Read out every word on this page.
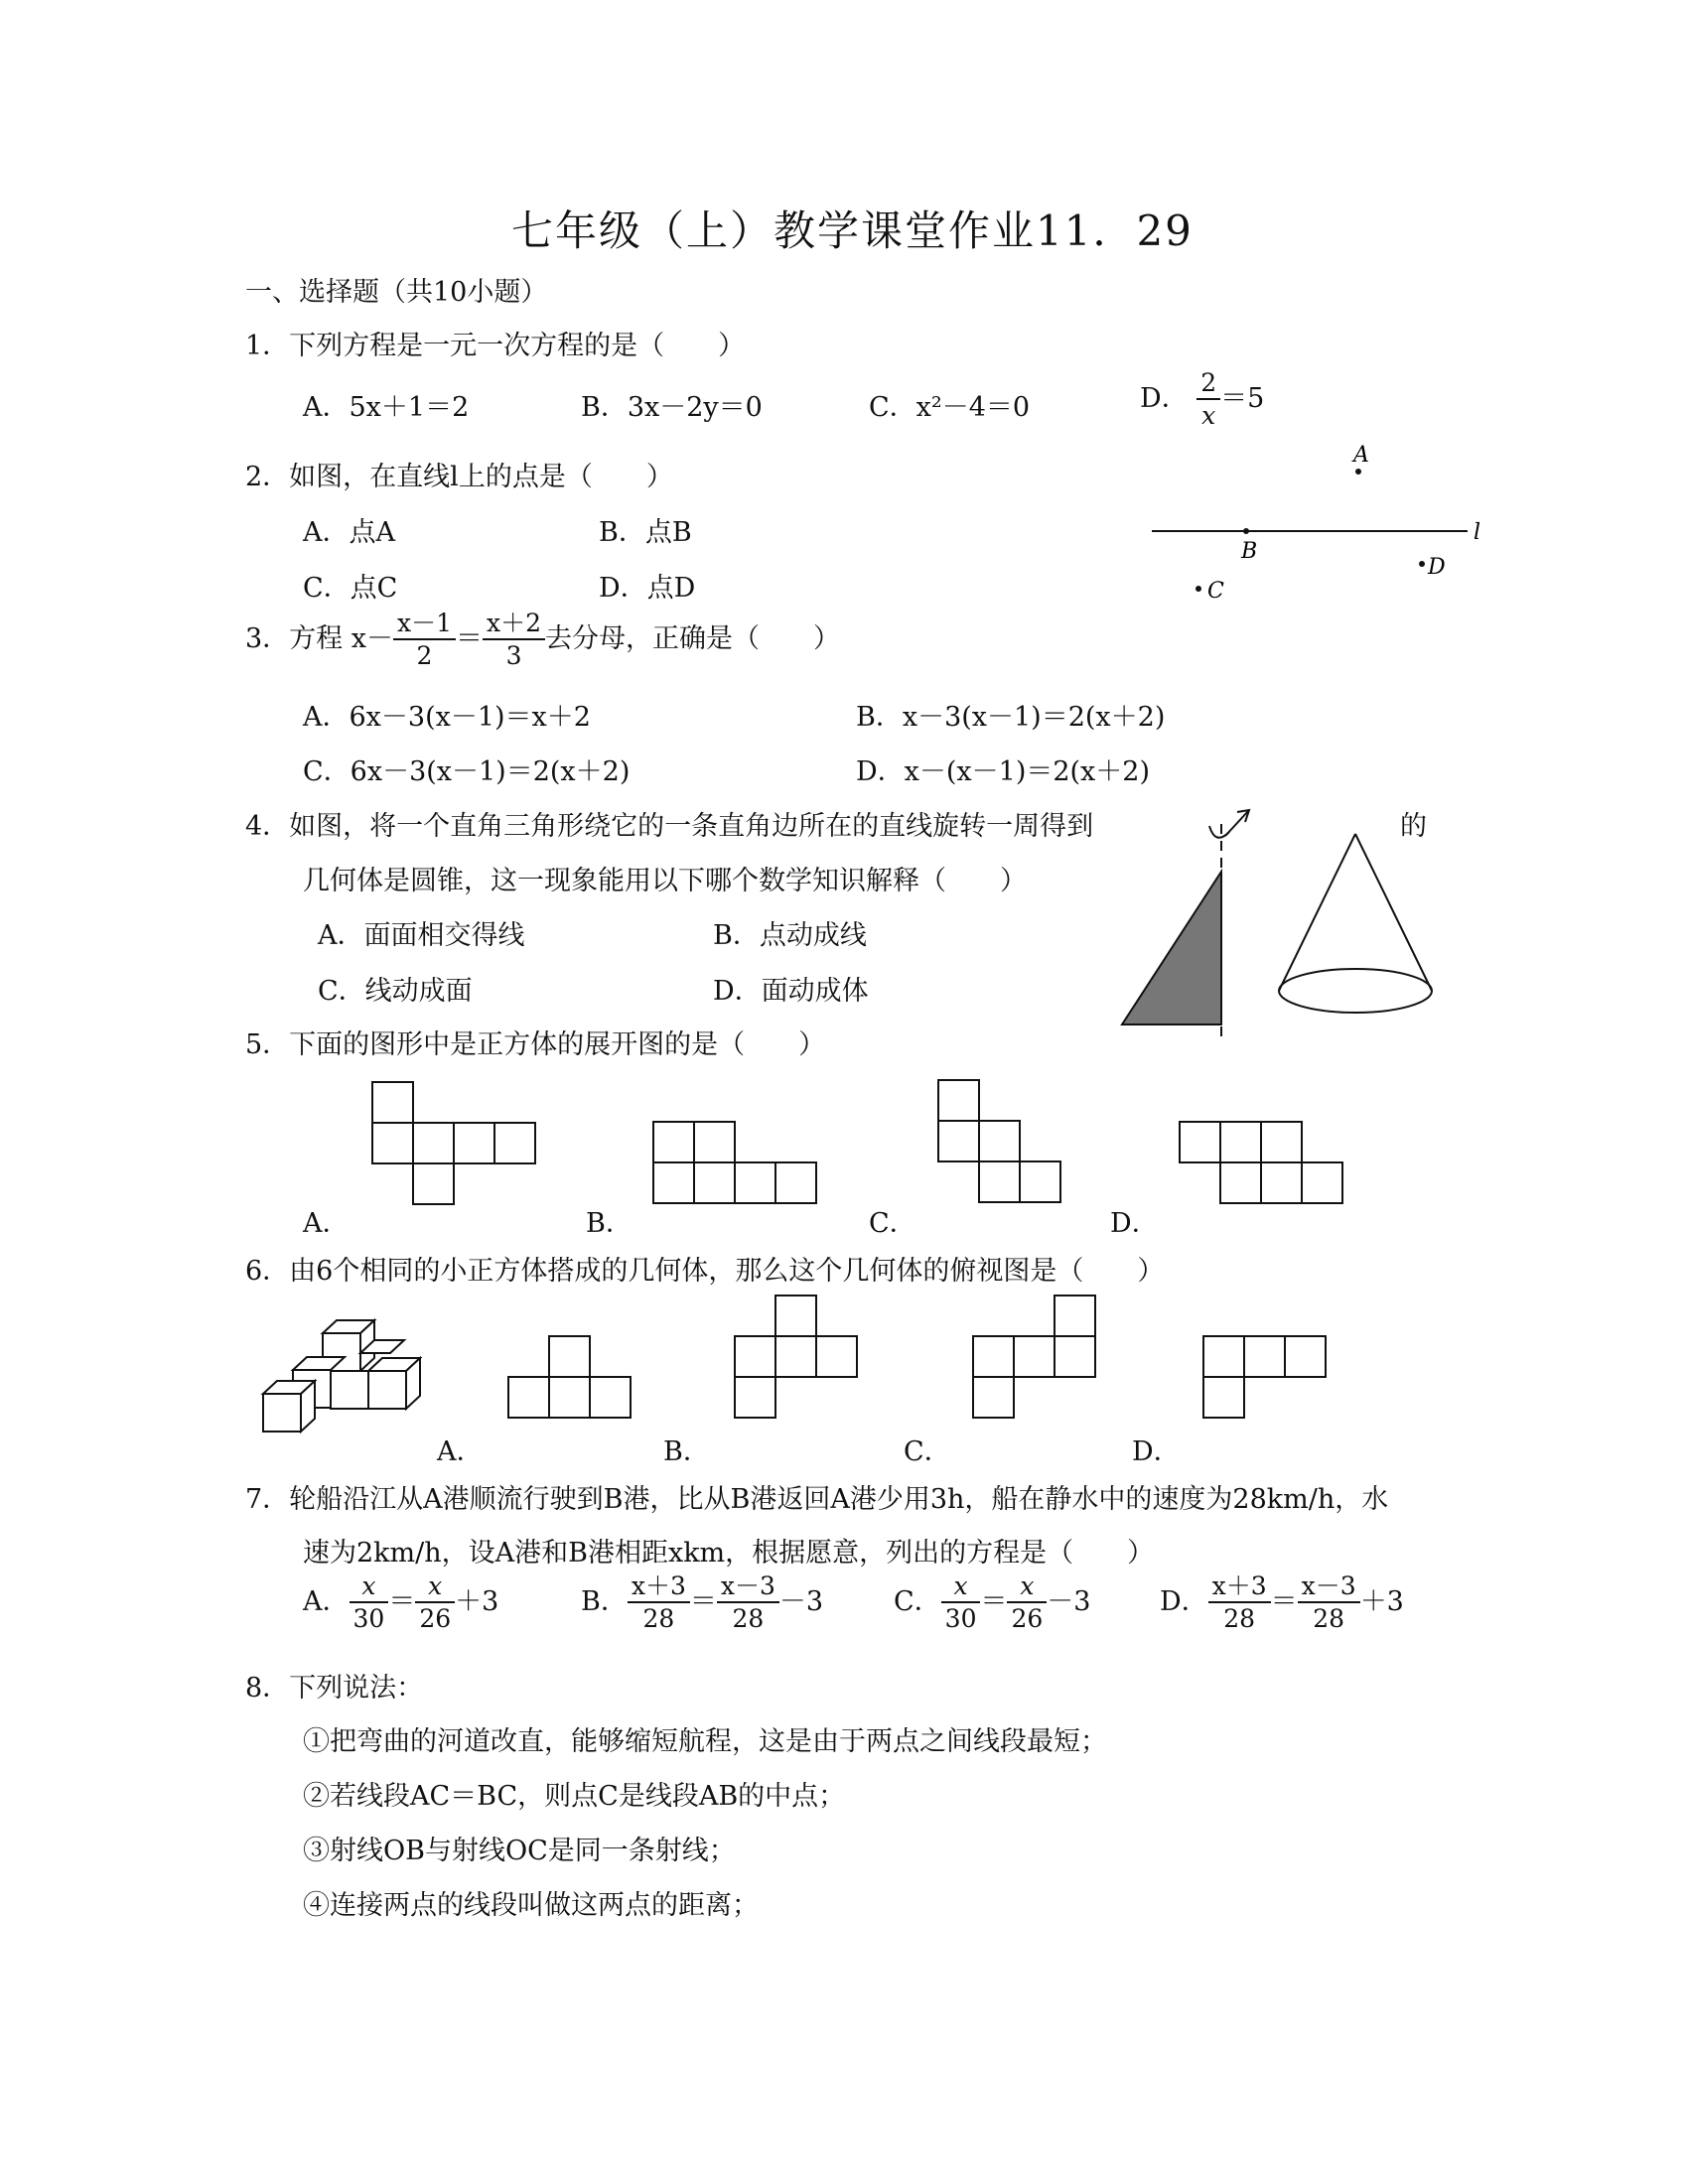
七年级（上）教学课堂作业11．29
一、选择题（共10小题）
1．下列方程是一元一次方程的是（　　）
A．5x＋1＝2	B．3x－2y＝0	C．x²－4＝0	D． $\frac{2}{x} =5$
2．如图，在直线l上的点是（　　）
A．点A	B．点B
C．点C	D．点D
B
A
D
C
l
3．方程 $x- \frac{x-1}{2} = \frac{x+2}{3}$ 去分母，正确是（　　）
A．6x－3(x－1)＝x＋2	B．x－3(x－1)＝2(x＋2)
C．6x－3(x－1)＝2(x＋2)	D．x－(x－1)＝2(x＋2)
4．如图，将一个直角三角形绕它的一条直角边所在的直线旋转一周得到	的
几何体是圆锥，这一现象能用以下哪个数学知识解释（　　）
A．面面相交得线	B．点动成线
C．线动成面	D．面动成体
5．下面的图形中是正方体的展开图的是（　　）
A．	B．	C．	D．
6．由6个相同的小正方体搭成的几何体，那么这个几何体的俯视图是（　　）
A．	B．	C．	D．
7．轮船沿江从A港顺流行驶到B港，比从B港返回A港少用3h，船在静水中的速度为28km/h，水
速为2km/h，设A港和B港相距xkm，根据愿意，列出的方程是（　　）
A． $\frac{x}{30} = \frac{x}{26} +3$	B． $\frac{x+3}{28} = \frac{x-3}{28} -3$	C． $\frac{x}{30} = \frac{x}{26} -3$	D． $\frac{x+3}{28} = \frac{x-3}{28} +3$
8．下列说法：
①把弯曲的河道改直，能够缩短航程，这是由于两点之间线段最短；
②若线段AC＝BC，则点C是线段AB的中点；
③射线OB与射线OC是同一条射线；
④连接两点的线段叫做这两点的距离；
